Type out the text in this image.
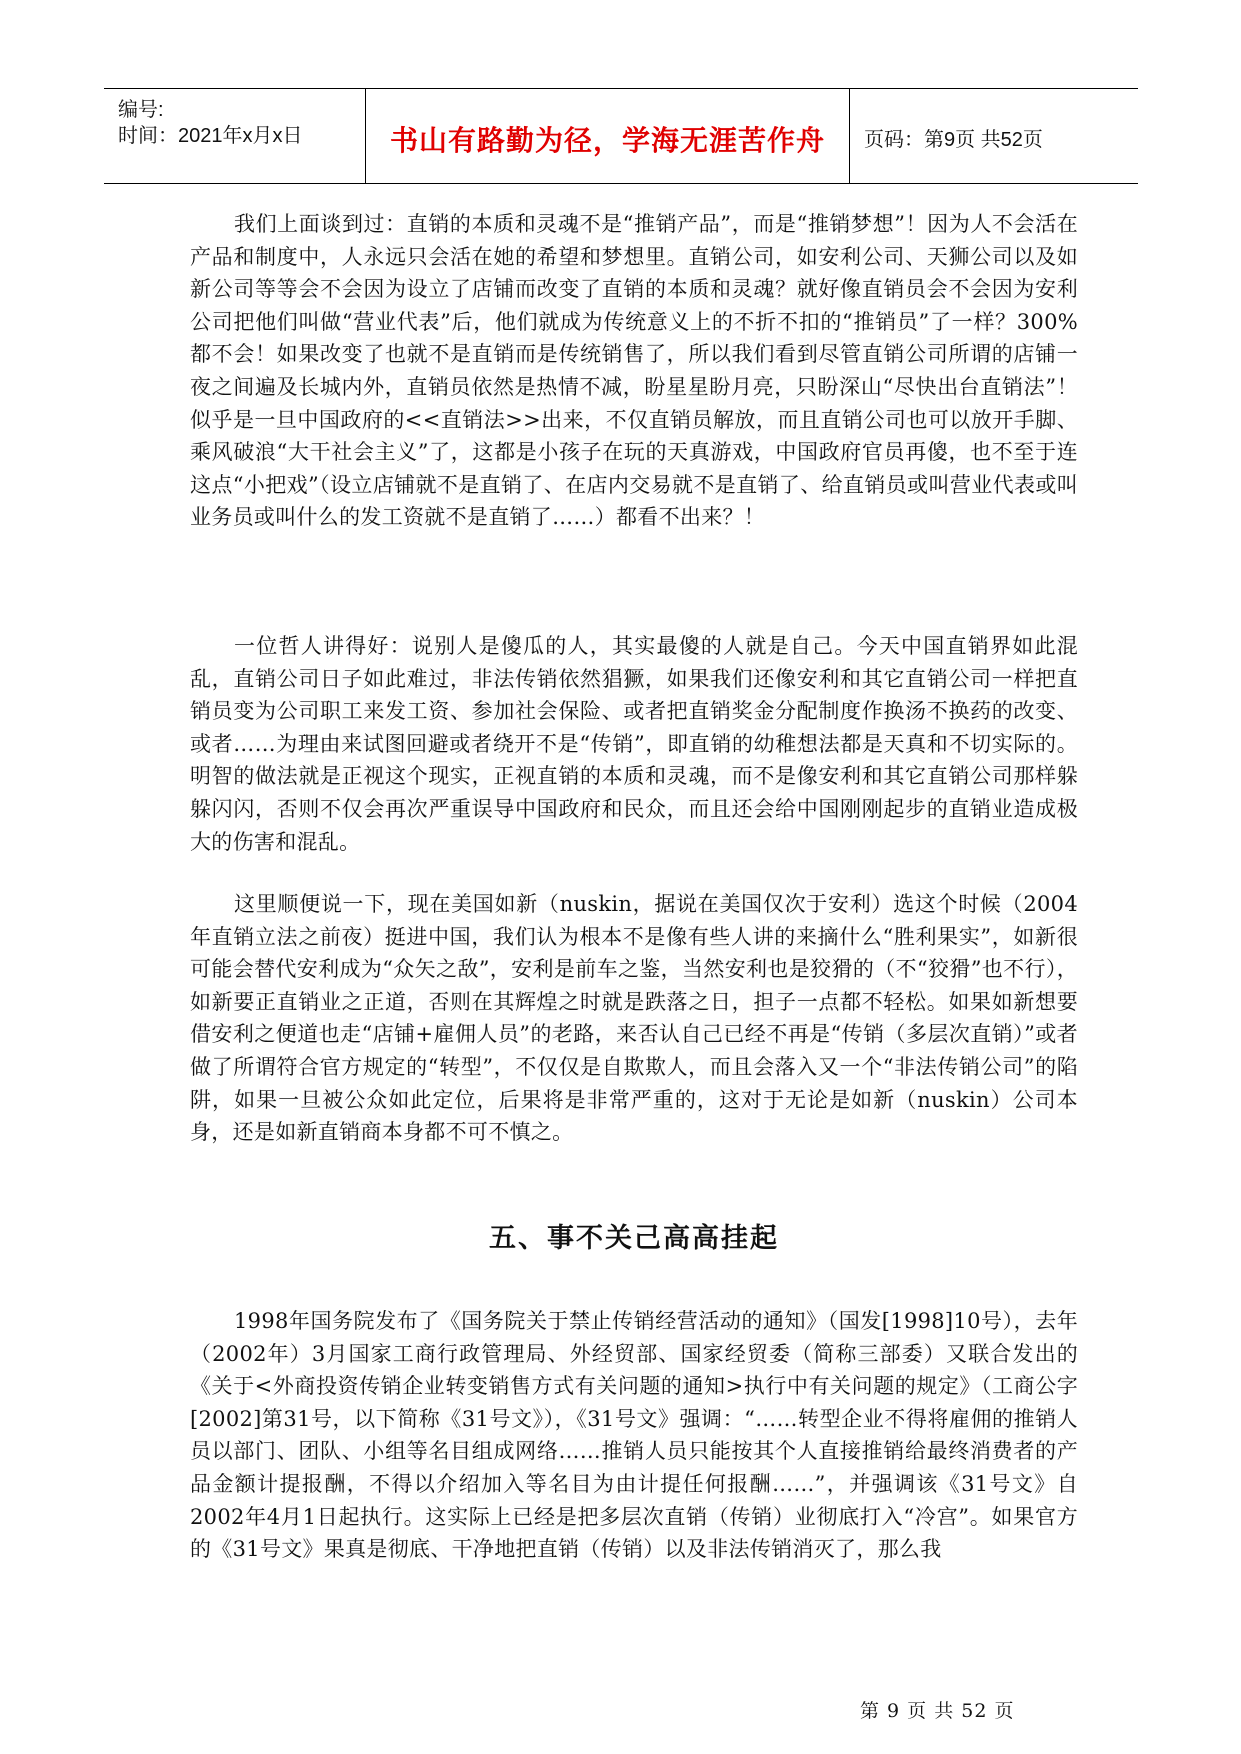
编号:
时间：2021年x月x日	书山有路勤为径，学海无涯苦作舟	页码：第9页 共52页

我们上面谈到过：直销的本质和灵魂不是“推销产品”，而是“推销梦想”！因为人不会活在产品和制度中，人永远只会活在她的希望和梦想里。直销公司，如安利公司、天狮公司以及如新公司等等会不会因为设立了店铺而改变了直销的本质和灵魂？就好像直销员会不会因为安利公司把他们叫做“营业代表”后，他们就成为传统意义上的不折不扣的“推销员”了一样？300%都不会！如果改变了也就不是直销而是传统销售了，所以我们看到尽管直销公司所谓的店铺一夜之间遍及长城内外，直销员依然是热情不减，盼星星盼月亮，只盼深山“尽快出台直销法”！似乎是一旦中国政府的<<直销法>>出来，不仅直销员解放，而且直销公司也可以放开手脚、乘风破浪“大干社会主义”了，这都是小孩子在玩的天真游戏，中国政府官员再傻，也不至于连这点“小把戏”（设立店铺就不是直销了、在店内交易就不是直销了、给直销员或叫营业代表或叫业务员或叫什么的发工资就不是直销了……）都看不出来？！

一位哲人讲得好：说别人是傻瓜的人，其实最傻的人就是自己。今天中国直销界如此混乱，直销公司日子如此难过，非法传销依然猖獗，如果我们还像安利和其它直销公司一样把直销员变为公司职工来发工资、参加社会保险、或者把直销奖金分配制度作换汤不换药的改变、或者……为理由来试图回避或者绕开不是“传销”，即直销的幼稚想法都是天真和不切实际的。明智的做法就是正视这个现实，正视直销的本质和灵魂，而不是像安利和其它直销公司那样躲躲闪闪，否则不仅会再次严重误导中国政府和民众，而且还会给中国刚刚起步的直销业造成极大的伤害和混乱。

这里顺便说一下，现在美国如新（nuskin，据说在美国仅次于安利）选这个时候（2004年直销立法之前夜）挺进中国，我们认为根本不是像有些人讲的来摘什么“胜利果实”，如新很可能会替代安利成为“众矢之敌”，安利是前车之鉴，当然安利也是狡猾的（不“狡猾”也不行），如新要正直销业之正道，否则在其辉煌之时就是跌落之日，担子一点都不轻松。如果如新想要借安利之便道也走“店铺+雇佣人员”的老路，来否认自己已经不再是“传销（多层次直销）”或者做了所谓符合官方规定的“转型”，不仅仅是自欺欺人，而且会落入又一个“非法传销公司”的陷阱，如果一旦被公众如此定位，后果将是非常严重的，这对于无论是如新（nuskin）公司本身，还是如新直销商本身都不可不慎之。

五、事不关己高高挂起

1998年国务院发布了《国务院关于禁止传销经营活动的通知》（国发[1998]10号），去年（2002年）3月国家工商行政管理局、外经贸部、国家经贸委（简称三部委）又联合发出的《关于<外商投资传销企业转变销售方式有关问题的通知>执行中有关问题的规定》（工商公字[2002]第31号，以下简称《31号文》），《31号文》强调：“……转型企业不得将雇佣的推销人员以部门、团队、小组等名目组成网络……推销人员只能按其个人直接推销给最终消费者的产品金额计提报酬，不得以介绍加入等名目为由计提任何报酬……”，并强调该《31号文》自2002年4月1日起执行。这实际上已经是把多层次直销（传销）业彻底打入“冷宫”。如果官方的《31号文》果真是彻底、干净地把直销（传销）以及非法传销消灭了，那么我

第 9 页 共 52 页
